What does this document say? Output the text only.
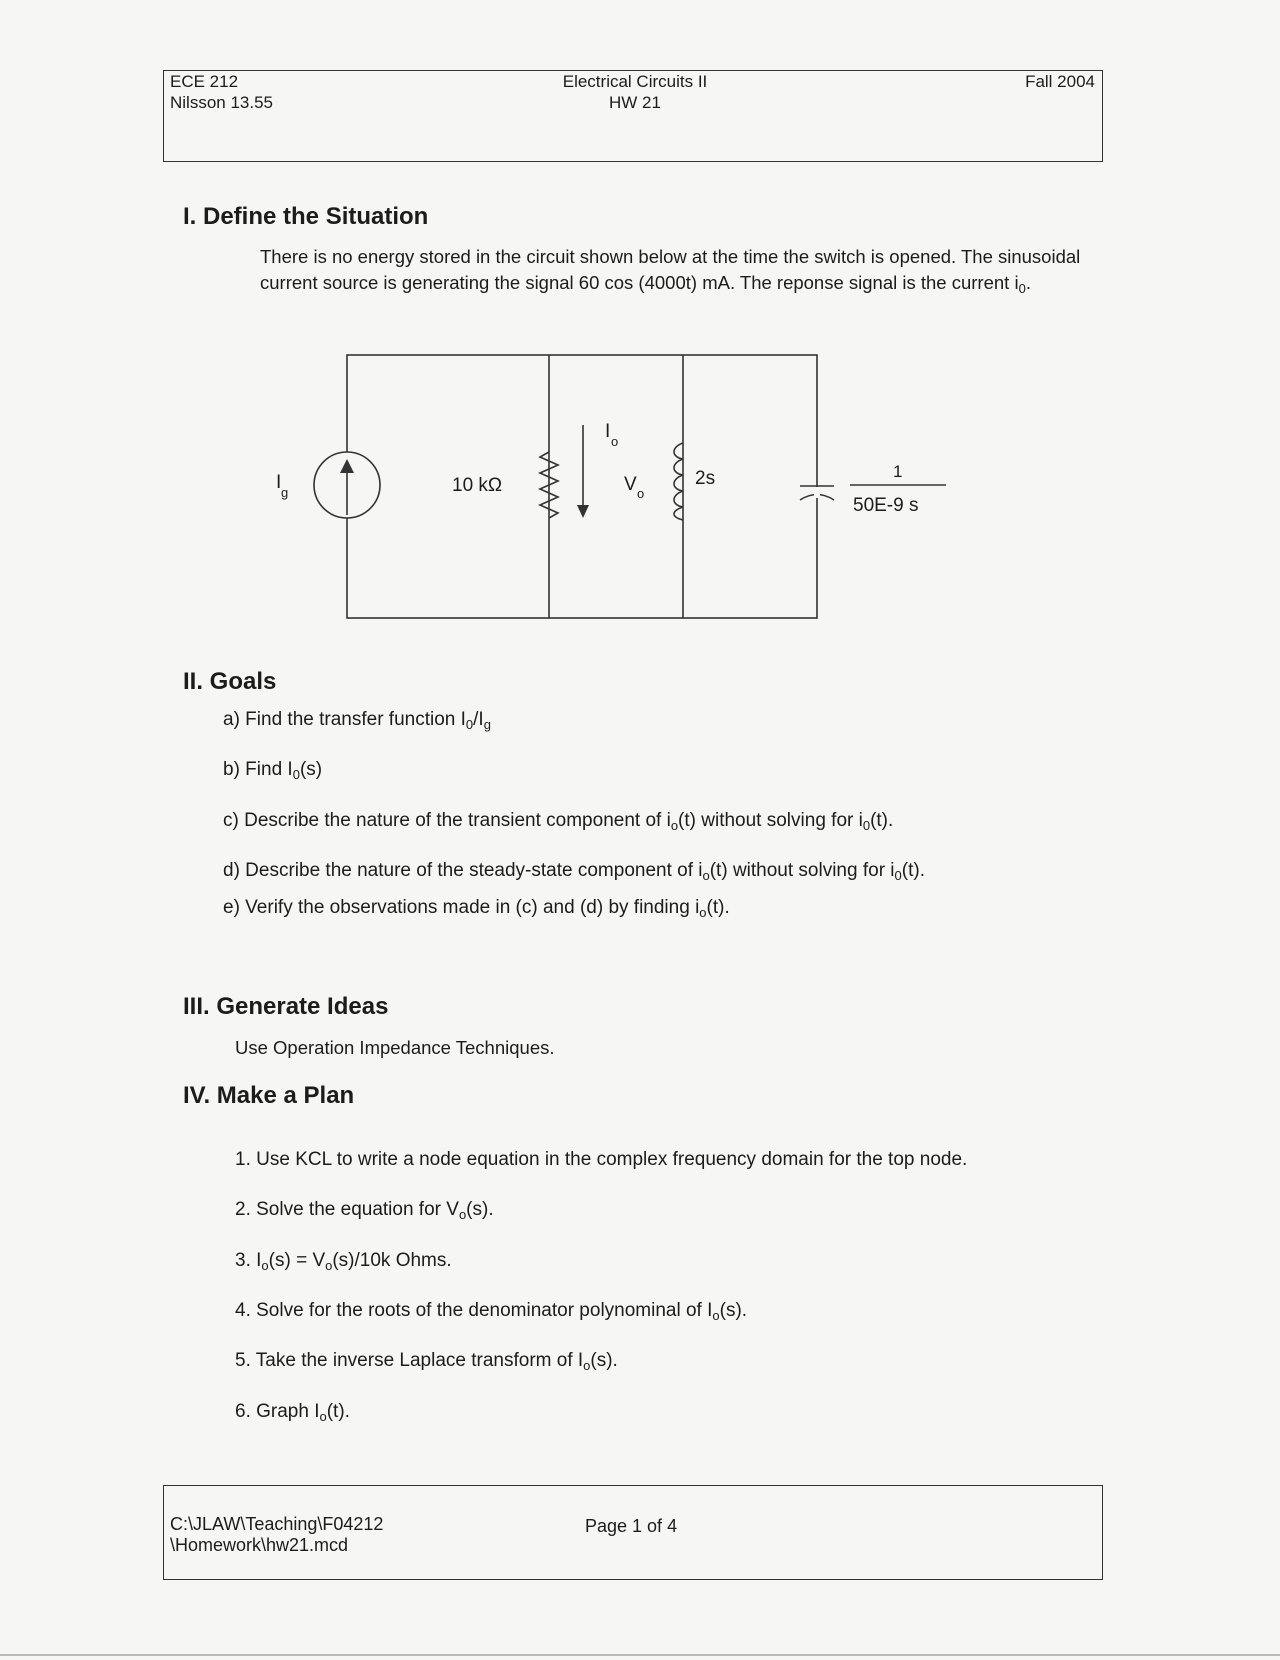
ECE 212
Nilsson 13.55
Electrical Circuits II
HW 21
Fall 2004
I. Define the Situation
There is no energy stored in the circuit shown below at the time the switch is opened. The sinusoidal current source is generating the signal 60 cos (4000t) mA. The reponse signal is the current $i_0$.
I g	10 kΩ
I o
V o
2s	1
50E-9 s
II. Goals
a) Find the transfer function $I_0/I_g$
b) Find $I_0(s)$
c) Describe the nature of the transient component of $i_o(t)$ without solving for $i_0(t)$.
d) Describe the nature of the steady-state component of $i_o(t)$ without solving for $i_0(t)$.
e) Verify the observations made in (c) and (d) by finding $i_o(t)$.
III. Generate Ideas
Use Operation Impedance Techniques.
IV. Make a Plan
1. Use KCL to write a node equation in the complex frequency domain for the top node.
2. Solve the equation for $V_o(s)$.
3. $I_o(s) = V_o(s)/10k$ Ohms.
4. Solve for the roots of the denominator polynominal of $I_o(s)$.
5. Take the inverse Laplace transform of $I_o(s)$.
6. Graph $I_o(t)$.
C:\JLAW\Teaching\F04212
\Homework\hw21.mcd
Page 1 of 4
